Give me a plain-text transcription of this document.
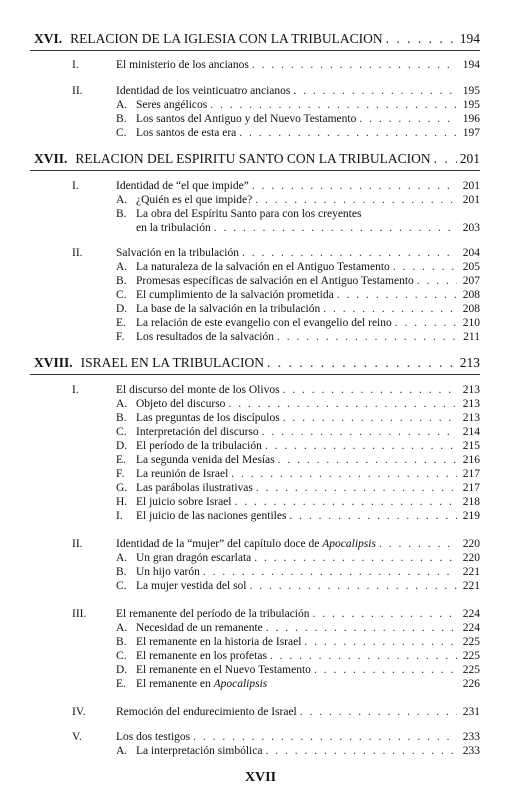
XVI. RELACION DE LA IGLESIA CON LA TRIBULACION . . .	194
I.	El ministerio de los ancianos . . .	194
II.	Identidad de los veinticuatro ancianos . . .	195
A. Seres angélicos . . .	195
B. Los santos del Antiguo y del Nuevo Testamento . . .	196
C. Los santos de esta era . . .	197
XVII. RELACION DEL ESPIRITU SANTO CON LA TRIBULACION . . . 201
I.	Identidad de “el que impide” . . .	201
A. ¿Quién es el que impide? . . .	201
B. La obra del Espíritu Santo para con los creyentes
en la tribulación . . .	203
II.	Salvación en la tribulación . . .	204
A. La naturaleza de la salvación en el Antiguo Testamento . . .	205
B. Promesas específicas de salvación en el Antiguo Testamento . . .	207
C. El cumplimiento de la salvación prometida . . .	208
D. La base de la salvación en la tribulación . . .	208
E. La relación de este evangelio con el evangelio del reino . . .	210
F.	Los resultados de la salvación . . .	211
XVIII. ISRAEL EN LA TRIBULACION . . .	213
I.	El discurso del monte de los Olivos . . .	213
A. Objeto del discurso . . .	213
B. Las preguntas de los discípulos . . .	213
C. Interpretación del discurso . . .	214
D. El período de la tribulación . . .	215
E. La segunda venida del Mesías . . .	216
F.	La reunión de Israel . . .	217
G. Las parábolas ilustrativas . . .	217
H. El juicio sobre Israel . . .	218
I.	El juicio de las naciones gentiles . . .	219
II.	Identidad de la “mujer” del capítulo doce de Apocalipsis . . .	220
A. Un gran dragón escarlata . . .	220
B. Un hijo varón . . .	221
C. La mujer vestida del sol . . .	221
III.	El remanente del período de la tribulación . . .	224
A. Necesidad de un remanente . . .	224
B. El remanente en la historia de Israel . . .	225
C. El remanente en los profetas . . .	225
D. El remanente en el Nuevo Testamento . . .	225
E. El remanente en Apocalipsis	226
IV.	Remoción del endurecimiento de Israel . . .	231
V.	Los dos testigos . . .	233
A. La interpretación simbólica . . .	233
XVII
